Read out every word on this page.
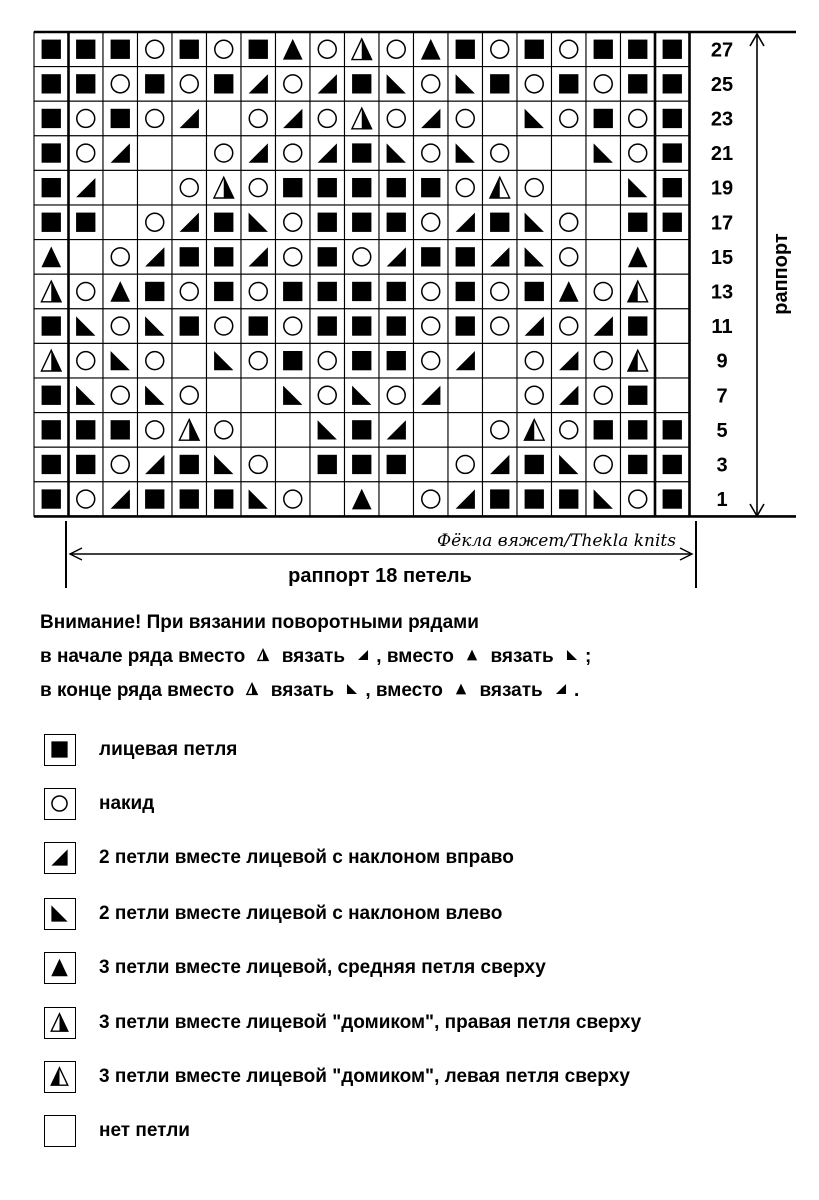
27
25
23
21
19
17
15
13
11
9
7
5
3
1
раппорт
Фёкла вяжет/Thekla knits
раппорт 18 петель
Внимание! При вязании поворотными рядами
в начале ряда вместо вязать , вместо вязать ;
в конце ряда вместо вязать , вместо вязать .
лицевая петля
накид
2 петли вместе лицевой с наклоном вправо
2 петли вместе лицевой с наклоном влево
3 петли вместе лицевой, средняя петля сверху
3 петли вместе лицевой "домиком", правая петля сверху
3 петли вместе лицевой "домиком", левая петля сверху
нет петли
